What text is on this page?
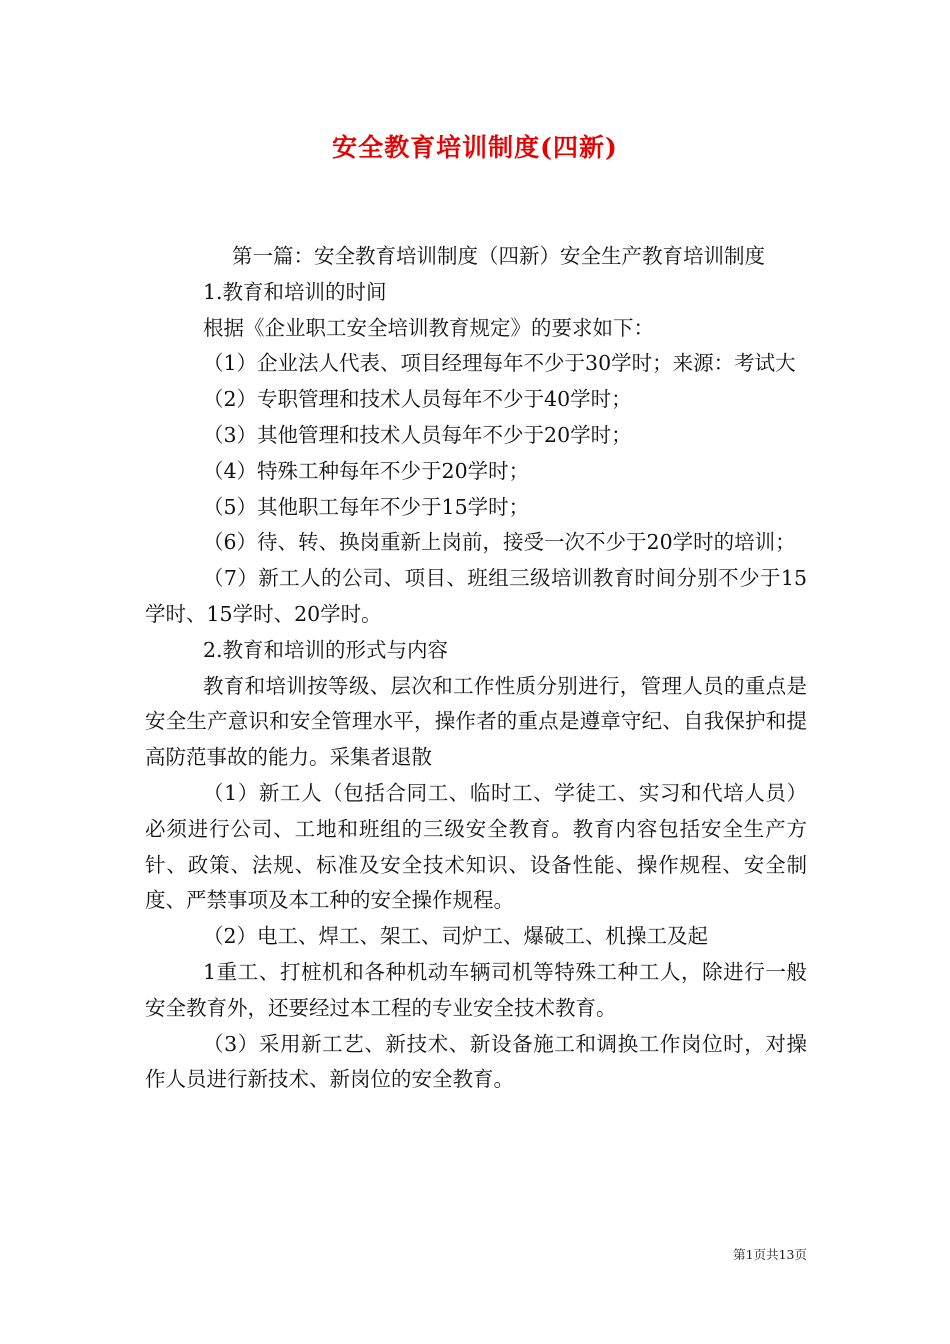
安全教育培训制度(四新)

第一篇：安全教育培训制度（四新）安全生产教育培训制度

1.教育和培训的时间

根据《企业职工安全培训教育规定》的要求如下：

（1）企业法人代表、项目经理每年不少于30学时；来源：考试大

（2）专职管理和技术人员每年不少于40学时；

（3）其他管理和技术人员每年不少于20学时；

（4）特殊工种每年不少于20学时；

（5）其他职工每年不少于15学时；

（6）待、转、换岗重新上岗前，接受一次不少于20学时的培训；

（7）新工人的公司、项目、班组三级培训教育时间分别不少于15学时、15学时、20学时。

2.教育和培训的形式与内容

教育和培训按等级、层次和工作性质分别进行，管理人员的重点是安全生产意识和安全管理水平，操作者的重点是遵章守纪、自我保护和提高防范事故的能力。采集者退散

（1）新工人（包括合同工、临时工、学徒工、实习和代培人员）必须进行公司、工地和班组的三级安全教育。教育内容包括安全生产方针、政策、法规、标准及安全技术知识、设备性能、操作规程、安全制度、严禁事项及本工种的安全操作规程。

（2）电工、焊工、架工、司炉工、爆破工、机操工及起

1重工、打桩机和各种机动车辆司机等特殊工种工人，除进行一般安全教育外，还要经过本工程的专业安全技术教育。

（3）采用新工艺、新技术、新设备施工和调换工作岗位时，对操作人员进行新技术、新岗位的安全教育。

第1页共13页
